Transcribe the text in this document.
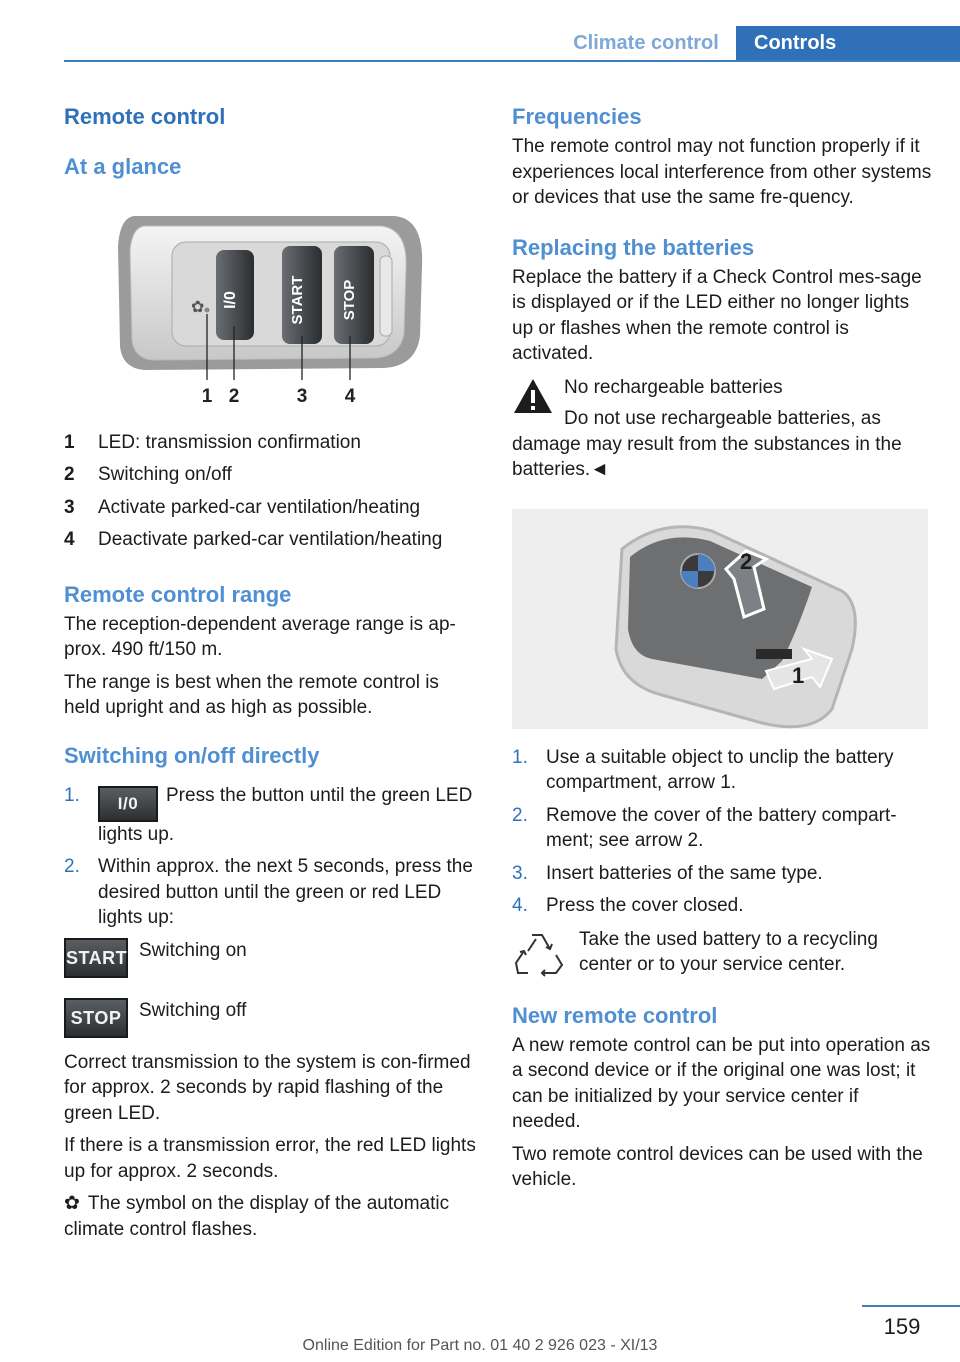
Climate control	Controls
Remote control
At a glance
✿ I/0	START STOP
1 2	3 4
1	LED: transmission confirmation
2	Switching on/off
3	Activate parked-car ventilation/heating
4	Deactivate parked-car ventilation/heating
Remote control range

The reception-dependent average range is ap‐prox. 490 ft/150 m.

The range is best when the remote control is held upright and as high as possible.

Switching on/off directly
1.	I/0 Press the button until the green LED lights up.
2. Within approx. the next 5 seconds, press the desired button until the green or red LED lights up:
START Switching on

STOP Switching off

Correct transmission to the system is con‐firmed for approx. 2 seconds by rapid flashing of the green LED.

If there is a transmission error, the red LED lights up for approx. 2 seconds.

✿ The symbol on the display of the automatic climate control flashes.

Frequencies

The remote control may not function properly if it experiences local interference from other systems or devices that use the same fre‐quency.

Replacing the batteries

Replace the battery if a Check Control mes‐sage is displayed or if the LED either no longer lights up or flashes when the remote control is activated.

No rechargeable batteries

Do not use rechargeable batteries, as damage may result from the substances in the batteries.◄

2
1
1. Use a suitable object to unclip the battery compartment, arrow 1.
2. Remove the cover of the battery compart‐ment; see arrow 2.
3. Insert batteries of the same type.
4. Press the cover closed.

Take the used battery to a recycling center or to your service center.

New remote control

A new remote control can be put into operation as a second device or if the original one was lost; it can be initialized by your service center if needed.

Two remote control devices can be used with the vehicle.

159
Online Edition for Part no. 01 40 2 926 023 - XI/13
